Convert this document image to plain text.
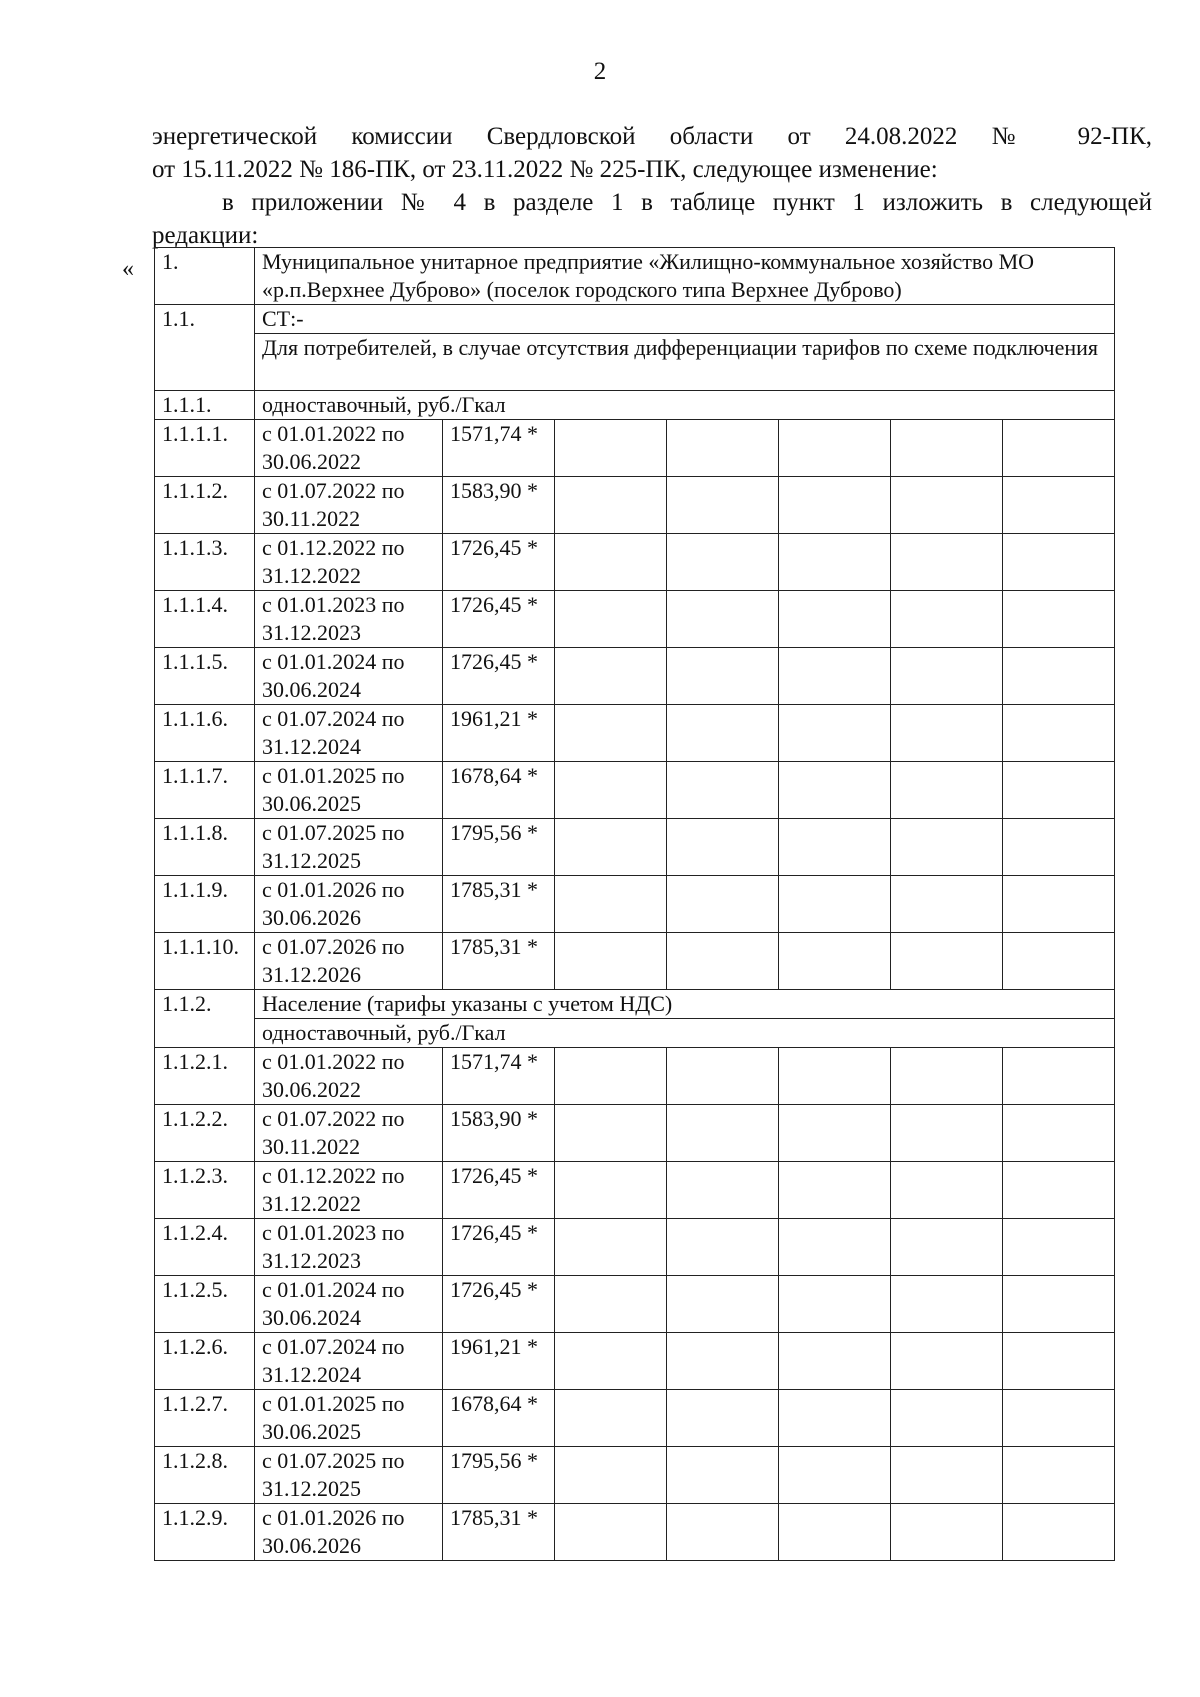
2
энергетической комиссии Свердловской области от 24.08.2022 № 92-ПК,
от 15.11.2022 № 186-ПК, от 23.11.2022 № 225-ПК, следующее изменение:
в приложении № 4 в разделе 1 в таблице пункт 1 изложить в следующей
редакции:
« 1.	Муниципальное унитарное предприятие «Жилищно-коммунальное хозяйство МО «р.п.Верхнее Дуброво» (поселок городского типа Верхнее Дуброво)						
1.1.	СТ:-						
	Для потребителей, в случае отсутствия дифференциации тарифов по схеме подключения						
1.1.1.	одноставочный, руб./Гкал						
1.1.1.1.	с 01.01.2022 по 30.06.2022	1571,74 *					
1.1.1.2.	с 01.07.2022 по 30.11.2022	1583,90 *					
1.1.1.3.	с 01.12.2022 по 31.12.2022	1726,45 *					
1.1.1.4.	с 01.01.2023 по 31.12.2023	1726,45 *					
1.1.1.5.	с 01.01.2024 по 30.06.2024	1726,45 *					
1.1.1.6.	с 01.07.2024 по 31.12.2024	1961,21 *					
1.1.1.7.	с 01.01.2025 по 30.06.2025	1678,64 *					
1.1.1.8.	с 01.07.2025 по 31.12.2025	1795,56 *					
1.1.1.9.	с 01.01.2026 по 30.06.2026	1785,31 *					
1.1.1.10.	с 01.07.2026 по 31.12.2026	1785,31 *					
1.1.2.	Население (тарифы указаны с учетом НДС)						
	одноставочный, руб./Гкал						
1.1.2.1.	с 01.01.2022 по 30.06.2022	1571,74 *					
1.1.2.2.	с 01.07.2022 по 30.11.2022	1583,90 *					
1.1.2.3.	с 01.12.2022 по 31.12.2022	1726,45 *					
1.1.2.4.	с 01.01.2023 по 31.12.2023	1726,45 *					
1.1.2.5.	с 01.01.2024 по 30.06.2024	1726,45 *					
1.1.2.6.	с 01.07.2024 по 31.12.2024	1961,21 *					
1.1.2.7.	с 01.01.2025 по 30.06.2025	1678,64 *					
1.1.2.8.	с 01.07.2025 по 31.12.2025	1795,56 *					
1.1.2.9.	с 01.01.2026 по 30.06.2026	1785,31 *					
